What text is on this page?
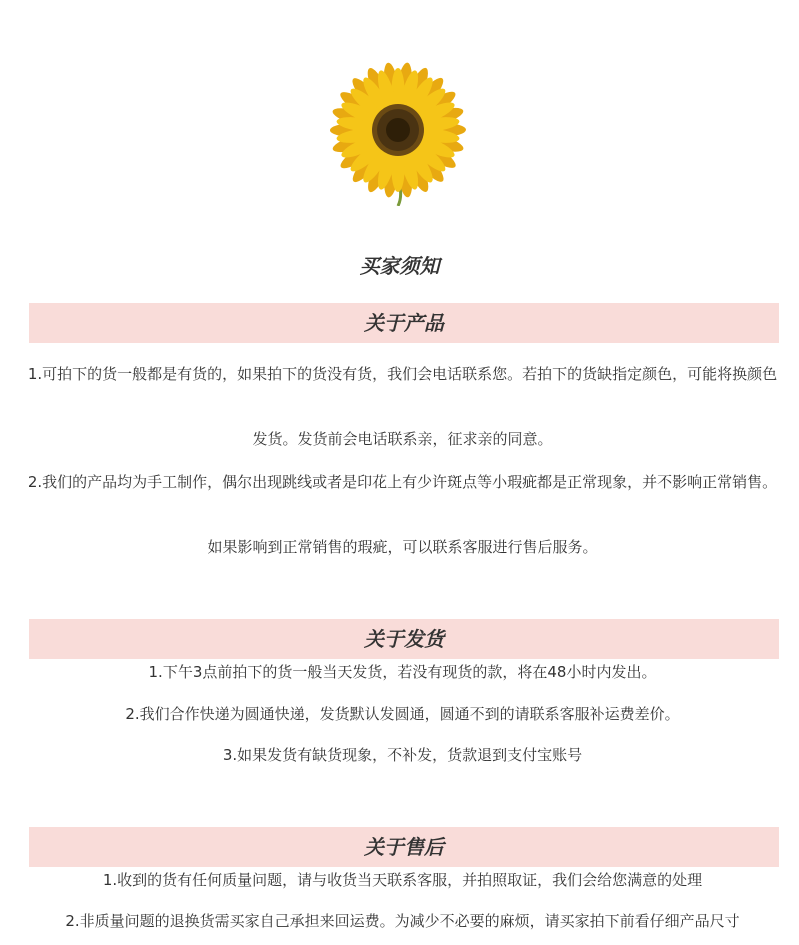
买家须知
关于产品

1.可拍下的货一般都是有货的，如果拍下的货没有货，我们会电话联系您。若拍下的货缺指定颜色，可能将换颜色

发货。发货前会电话联系亲，征求亲的同意。

2.我们的产品均为手工制作，偶尔出现跳线或者是印花上有少许斑点等小瑕疵都是正常现象，并不影响正常销售。

如果影响到正常销售的瑕疵，可以联系客服进行售后服务。

关于发货

1.下午3点前拍下的货一般当天发货，若没有现货的款，将在48小时内发出。

2.我们合作快递为圆通快递，发货默认发圆通，圆通不到的请联系客服补运费差价。

3.如果发货有缺货现象，不补发，货款退到支付宝账号

关于售后

1.收到的货有任何质量问题，请与收货当天联系客服，并拍照取证，我们会给您满意的处理

2.非质量问题的退换货需买家自己承担来回运费。为减少不必要的麻烦，请买家拍下前看仔细产品尺寸
